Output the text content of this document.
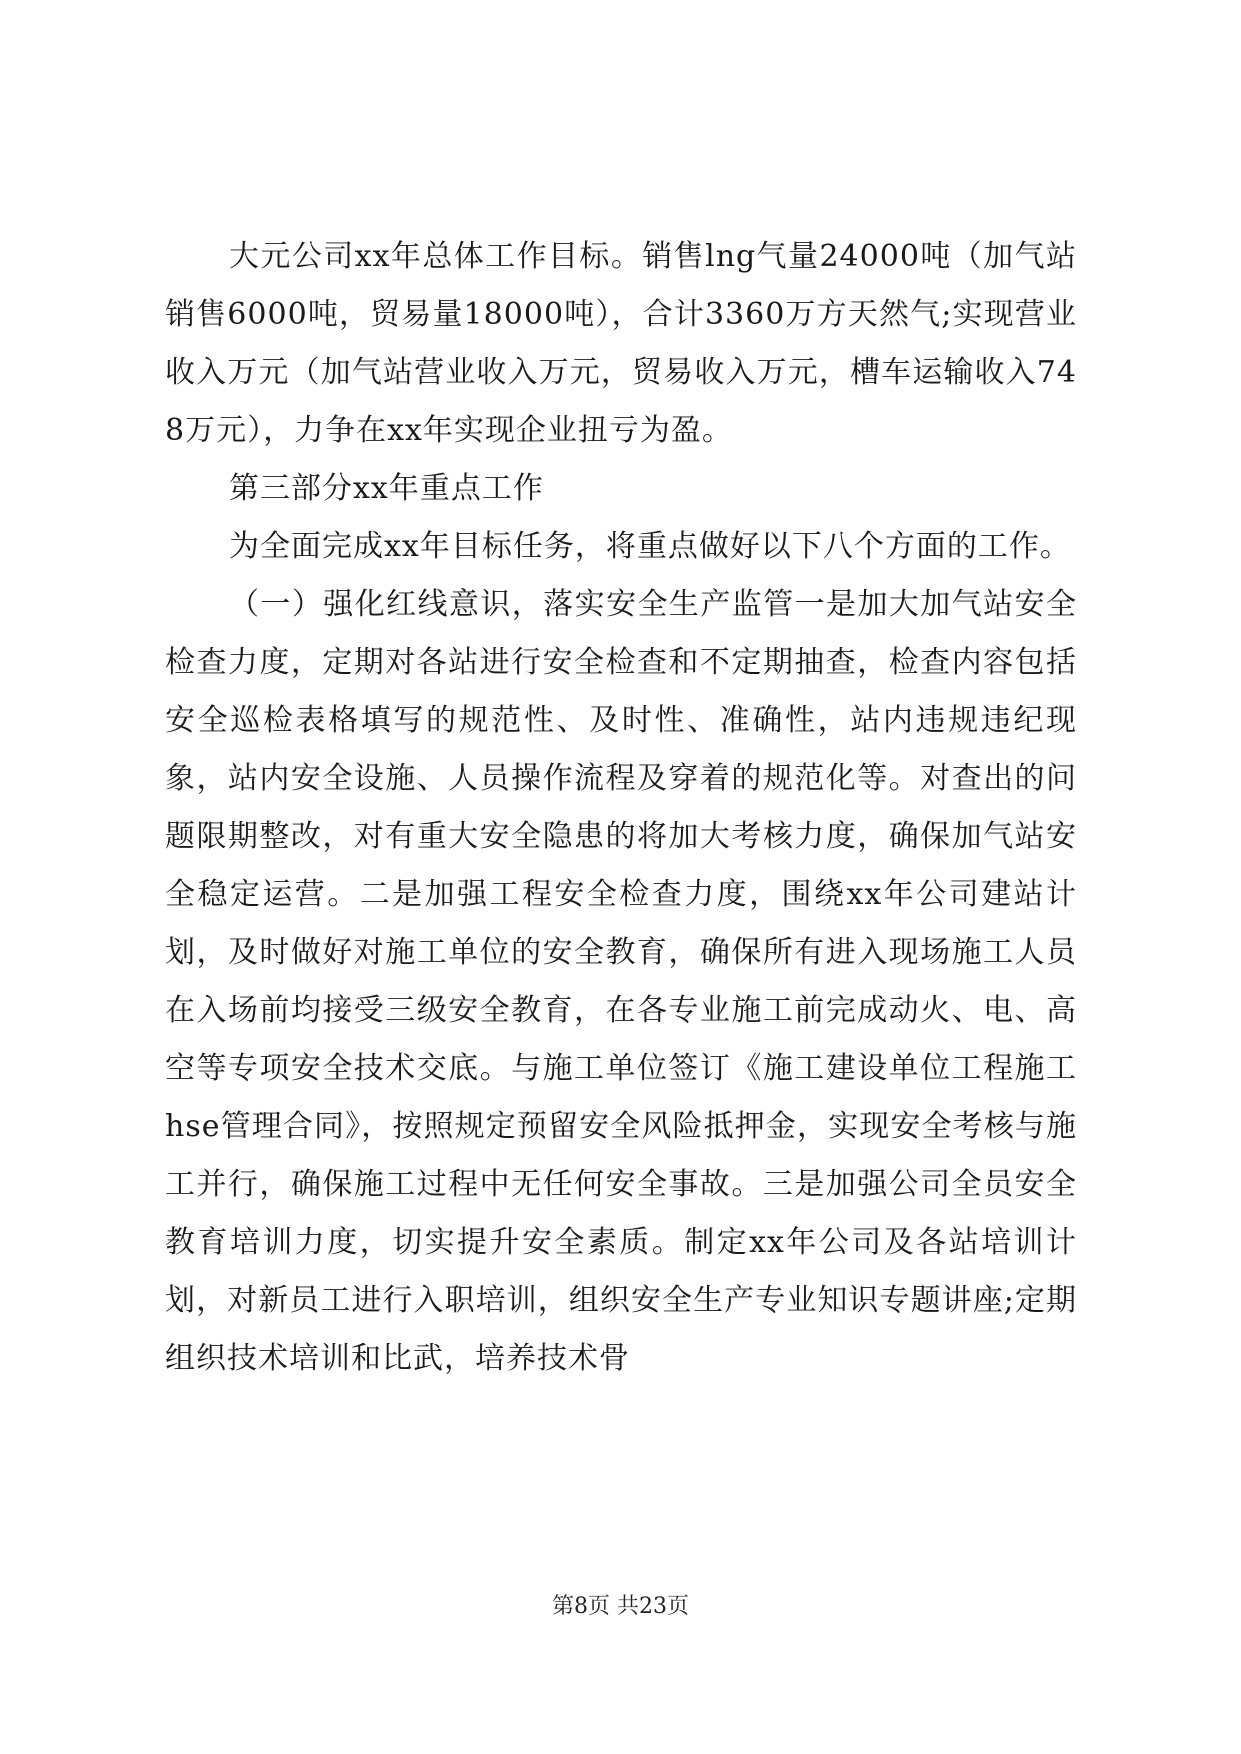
大元公司xx年总体工作目标。销售lng气量24000吨（加气站销售6000吨，贸易量18000吨），合计3360万方天然气;实现营业收入万元（加气站营业收入万元，贸易收入万元，槽车运输收入748万元），力争在xx年实现企业扭亏为盈。

第三部分xx年重点工作

为全面完成xx年目标任务，将重点做好以下八个方面的工作。

（一）强化红线意识，落实安全生产监管一是加大加气站安全检查力度，定期对各站进行安全检查和不定期抽查，检查内容包括安全巡检表格填写的规范性、及时性、准确性，站内违规违纪现象，站内安全设施、人员操作流程及穿着的规范化等。对查出的问题限期整改，对有重大安全隐患的将加大考核力度，确保加气站安全稳定运营。二是加强工程安全检查力度，围绕xx年公司建站计划，及时做好对施工单位的安全教育，确保所有进入现场施工人员在入场前均接受三级安全教育，在各专业施工前完成动火、电、高空等专项安全技术交底。与施工单位签订《施工建设单位工程施工hse管理合同》，按照规定预留安全风险抵押金，实现安全考核与施工并行，确保施工过程中无任何安全事故。三是加强公司全员安全教育培训力度，切实提升安全素质。制定xx年公司及各站培训计划，对新员工进行入职培训，组织安全生产专业知识专题讲座;定期组织技术培训和比武，培养技术骨

第8页 共23页
